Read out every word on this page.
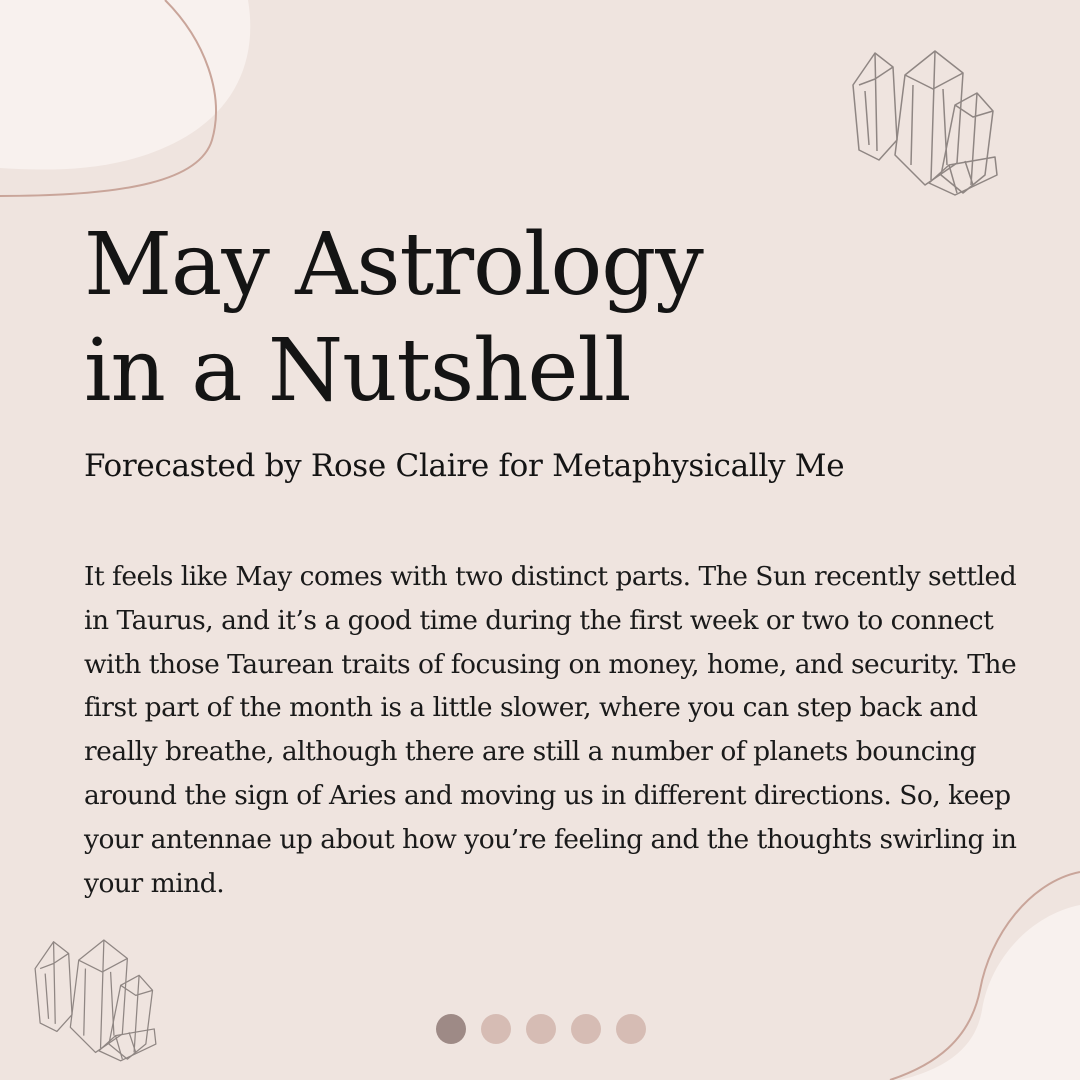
May Astrology
in a Nutshell

Forecasted by Rose Claire for Metaphysically Me

It feels like May comes with two distinct parts. The Sun recently settled in Taurus, and it’s a good time during the first week or two to connect with those Taurean traits of focusing on money, home, and security. The first part of the month is a little slower, where you can step back and really breathe, although there are still a number of planets bouncing around the sign of Aries and moving us in different directions. So, keep your antennae up about how you’re feeling and the thoughts swirling in your mind.
